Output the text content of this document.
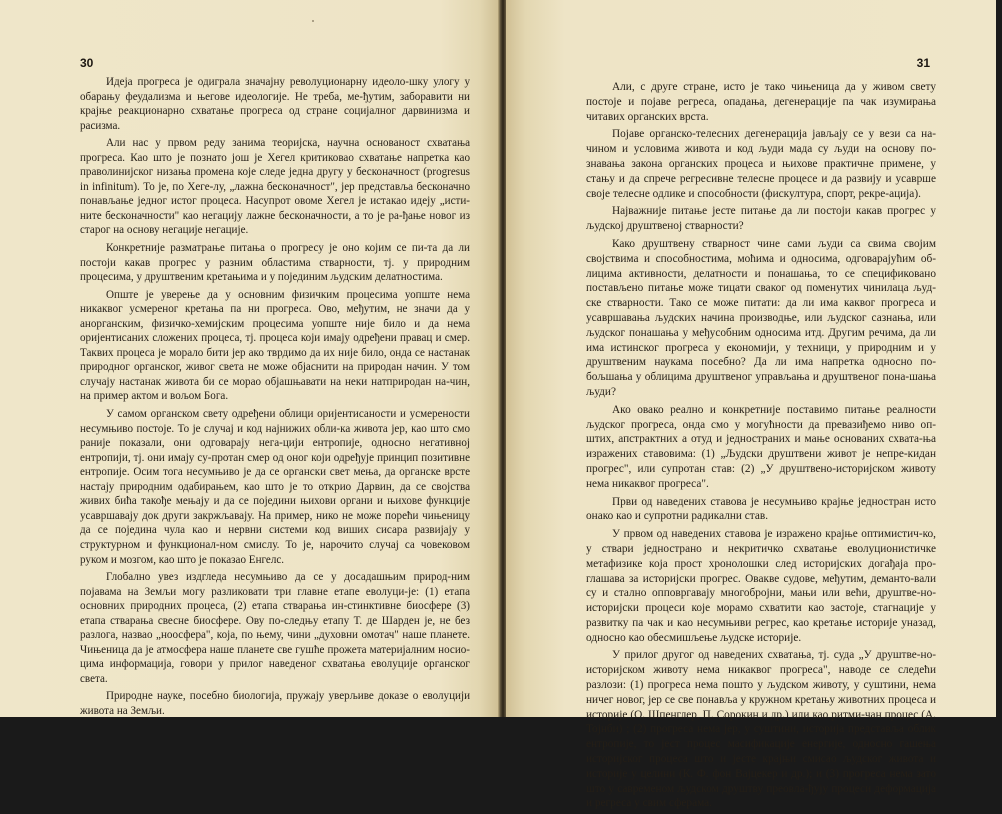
30

Идеја прогреса је одиграла значајну револуционарну идеоло-шку улогу у обарању феудализма и његове идеологије. Не треба, ме-ђутим, заборавити ни крајње реакционарно схватање прогреса од стране социјалног дарвинизма и расизма.

Али нас у првом реду занима теоријска, научна основаност схватања прогреса. Као што је познато још је Хегел критиковао схватање напретка као праволинијског низања промена које следе једна другу у бесконачност (progresus in infinitum). То је, по Хеге-лу, „лажна бесконачност", јер представља бесконачно понављање једног истог процеса. Насупрот овоме Хегел је истакао идеју „исти-ните бесконачности" као негацију лажне бесконачности, а то је ра-ђање новог из старог на основу негације негације.

Конкретније разматрање питања о прогресу је оно којим се пи-та да ли постоји какав прогрес у разним областима стварности, тј. у природним процесима, у друштвеним кретањима и у појединим људским делатностима.

Опште је уверење да у основним физичким процесима уопште нема никаквог усмереног кретања па ни прогреса. Ово, међутим, не значи да у анорганским, физичко-хемијским процесима уопште није било и да нема оријентисаних сложених процеса, тј. процеса који имају одређени правац и смер. Таквих процеса је морало бити јер ако тврдимо да их није било, онда се настанак природног органског, живог света не може објаснити на природан начин. У том случају настанак живота би се морао објашњавати на неки натприродан на-чин, на пример актом и вољом Бога.

У самом органском свету одређени облици оријентисаности и усмерености несумњиво постоје. То је случај и код најнижих обли-ка живота јер, као што смо раније показали, они одговарају нега-цији ентропије, односно негативној ентропији, тј. они имају су-протан смер од оног који одређује принцип позитивне ентропије. Осим тога несумњиво је да се органски свет мења, да органске врсте настају природним одабирањем, као што је то открио Дарвин, да се својства живих бића такође мењају и да се поједини њихови органи и њихове функције усавршавају док други закржљавају. На пример, нико не може порећи чињеницу да се поједина чула као и нервни системи код виших сисара развијају у структурном и функционал-ном смислу. То је, нарочито случај са човековом руком и мозгом, као што је показао Енгелс.

Глобално увез издгледа несумњиво да се у досадашњим природ-ним појавама на Земљи могу разликовати три главне етапе еволуци-је: (1) етапа основних природних процеса, (2) етапа стварања ин-стинктивне биосфере (3) етапа стварања свесне биосфере. Ову по-следњу етапу Т. де Шарден је, не без разлога, назвао „ноосфера", која, по њему, чини „духовни омотач" наше планете. Чињеница да је атмосфера наше планете све гушће прожета материјалним носио-цима информација, говори у прилог наведеног схватања еволуције органског света.

Природне науке, посебно биологија, пружају уверљиве доказе о еволуцији живота на Земљи.

31

Али, с друге стране, исто је тако чињеница да у живом свету постоје и појаве регреса, опадања, дегенерације па чак изумирања читавих органских врста.

Појаве органско-телесних дегенерација јављају се у вези са на-чином и условима живота и код људи мада су људи на основу по-знавања закона органских процеса и њихове практичне примене, у стању и да спрече регресивне телесне процесе и да развију и усаврше своје телесне одлике и способности (фискултура, спорт, рекре-ација).

Најважније питање јесте питање да ли постоји какав прогрес у људској друштвеној стварности?

Како друштвену стварност чине сами људи са свима својим својствима и способностима, моћима и односима, одговарајућим об-лицима активности, делатности и понашања, то се спецификовано постављено питање може тицати сваког од поменутих чинилаца људ-ске стварности. Тако се може питати: да ли има каквог прогреса и усавршавања људских начина производње, или људског сазнања, или људског понашања у међусобним односима итд. Другим речима, да ли има истинског прогреса у економији, у техници, у природним и у друштвеним наукама посебно? Да ли има напретка односно по-бољшања у облицима друштвеног управљања и друштвеног пона-шања људи?

Ако овако реално и конкретније поставимо питање реалности људског прогреса, онда смо у могућности да превазиђемо ниво оп-штих, апстрактних а отуд и једностраних и мање основаних схвата-ња изражених ставовима: (1) „Људски друштвени живот је непре-кидан прогрес", или супротан став: (2) „У друштвено-историјском животу нема никаквог прогреса".

Први од наведених ставова је несумњиво крајње једностран исто онако као и супротни радикални став.

У првом од наведених ставова је изражено крајње оптимистич-ко, у ствари једнострано и некритичко схватање еволуционистичке метафизике која прост хронолошки след историјских догађаја про-глашава за историјски прогрес. Овакве судове, међутим, демантo-вали су и стално опповргавају многобројни, мањи или већи, друштве-но-историјски процеси које морамо схватити као застоје, стагнације у развитку па чак и као несумњиви регрес, као кретање историје уназад, односно као обесмишљење људске историје.

У прилог другог од наведених схватања, тј. суда „У друштве-но-историјском животу нема никаквог прогреса", наводе се следећи разлози: (1) прогреса нема пошто у људском животу, у суштини, нема ничег новог, јер се све понавља у кружном кретању животних процеса и историје (О. Шпенглер, П. Сорокин и др.) или као ритми-чан процес (А. Тојнби) ; (2) прогреса нема јер, у суштини, историја представља облик ентропије, то јест процес масификације енергије, односно гашења историјског процеса што и јесте крајњи смисао људског живота и историје у целини (К. Ф. фон Вајцекер и др.); и (3) прогреса нема зато што у савременом људском друштву преовла-ђују процеси деформација и регреса у свим сферама.
